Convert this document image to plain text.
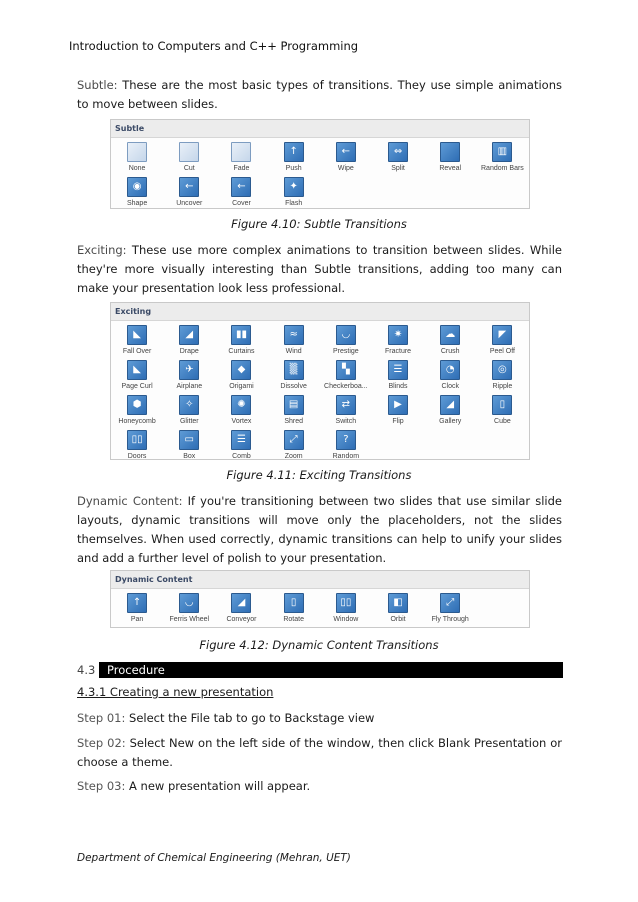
Introduction to Computers and C++ Programming
Subtle: These are the most basic types of transitions. They use simple animations to move between slides.
Subtle
None	Cut	Fade
↑
Push
←
Wipe
⇔
Split	Reveal
▥
Random Bars
◉
Shape
←
Uncover
←
Cover
✦
Flash
Figure 4.10: Subtle Transitions
Exciting: These use more complex animations to transition between slides. While they're more visually interesting than Subtle transitions, adding too many can make your presentation look less professional.
Exciting
◣
Fall Over
◢
Drape
▮▮
Curtains
≈
Wind
◡
Prestige
✷
Fracture
☁
Crush
◤
Peel Off
◣
Page Curl
✈
Airplane
◆
Origami
▒
Dissolve
▚
Checkerboa...
☰
Blinds
◔
Clock
◎
Ripple
⬢
Honeycomb
✧
Glitter
✺
Vortex
▤
Shred
⇄
Switch
▶
Flip
◢
Gallery
▯
Cube
▯▯
Doors
▭
Box
☰
Comb
⤢
Zoom
?
Random
Figure 4.11: Exciting Transitions
Dynamic Content: If you're transitioning between two slides that use similar slide layouts, dynamic transitions will move only the placeholders, not the slides themselves. When used correctly, dynamic transitions can help to unify your slides and add a further level of polish to your presentation.
Dynamic Content
↑
Pan
◡
Ferris Wheel
◢
Conveyor
▯
Rotate
▯▯
Window
◧
Orbit
⤢
Fly Through
Figure 4.12: Dynamic Content Transitions
4.3	Procedure
4.3.1 Creating a new presentation
Step 01: Select the File tab to go to Backstage view
Step 02: Select New on the left side of the window, then click Blank Presentation or choose a theme.
Step 03: A new presentation will appear.
Department of Chemical Engineering (Mehran, UET)
